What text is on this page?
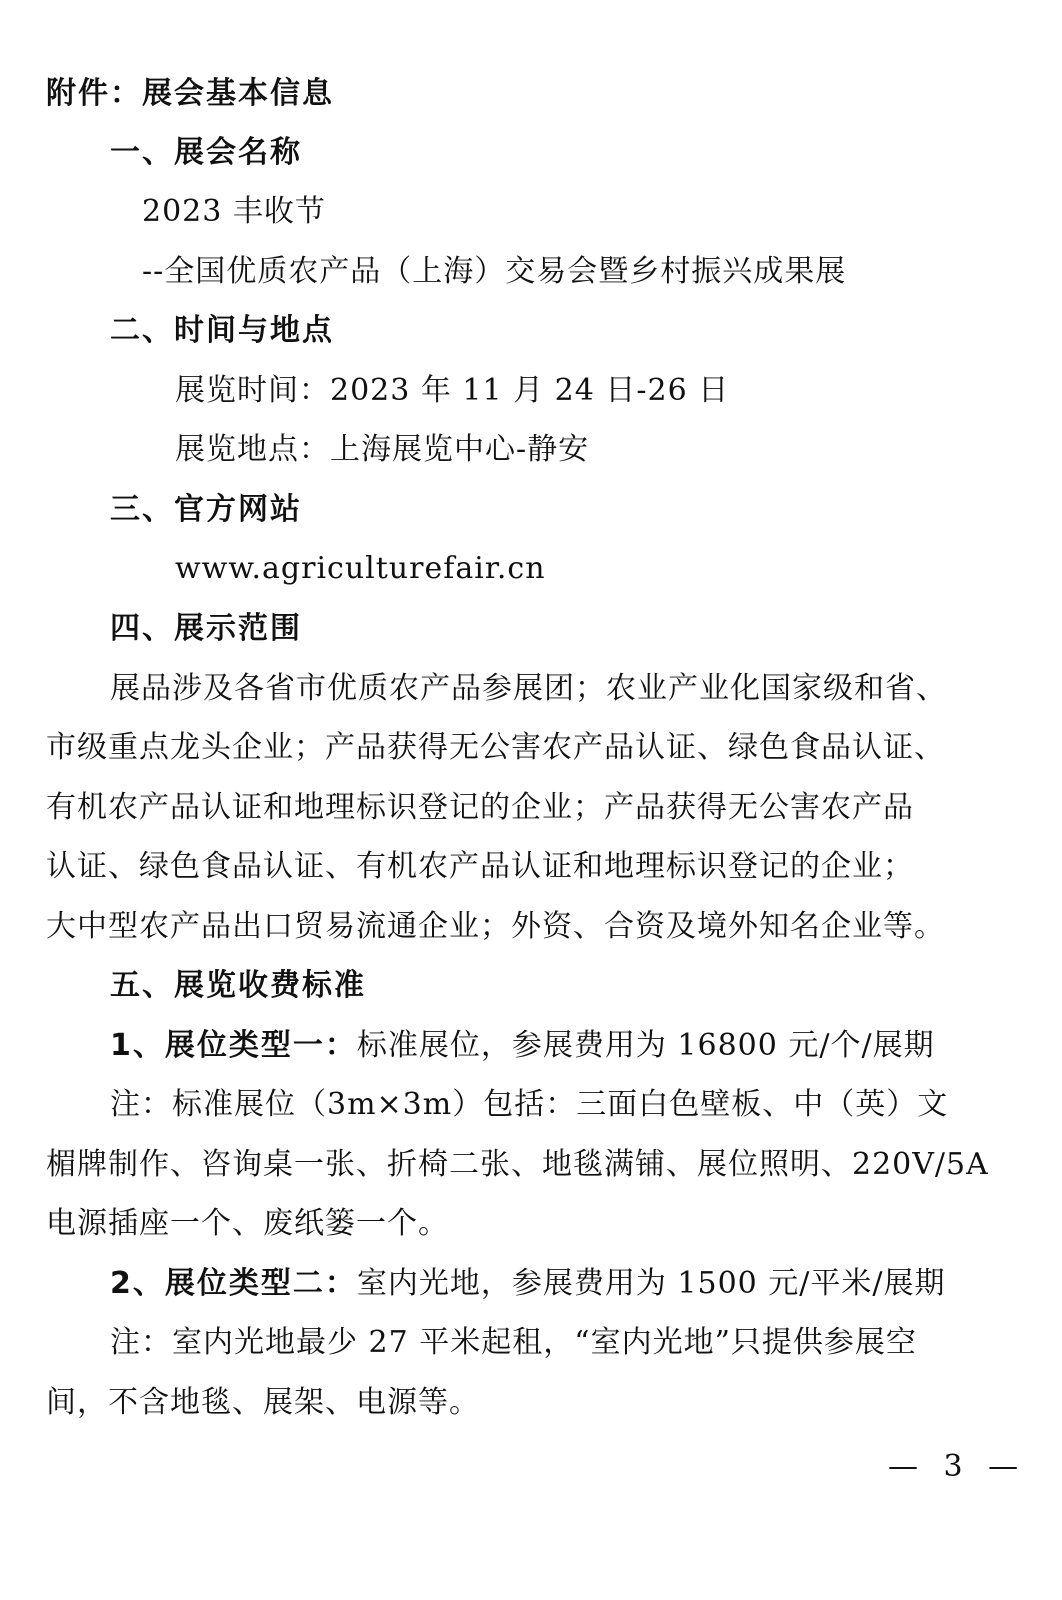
附件：展会基本信息
一、展会名称
2023 丰收节
--全国优质农产品（上海）交易会暨乡村振兴成果展
二、时间与地点
展览时间：2023 年 11 月 24 日-26 日
展览地点：上海展览中心-静安
三、官方网站
www.agriculturefair.cn
四、展示范围
展品涉及各省市优质农产品参展团；农业产业化国家级和省、
市级重点龙头企业；产品获得无公害农产品认证、绿色食品认证、
有机农产品认证和地理标识登记的企业；产品获得无公害农产品
认证、绿色食品认证、有机农产品认证和地理标识登记的企业；
大中型农产品出口贸易流通企业；外资、合资及境外知名企业等。
五、展览收费标准
1、展位类型一：标准展位，参展费用为 16800 元/个/展期
注：标准展位（3m×3m）包括：三面白色壁板、中（英）文
楣牌制作、咨询桌一张、折椅二张、地毯满铺、展位照明、220V/5A
电源插座一个、废纸篓一个。
2、展位类型二：室内光地，参展费用为 1500 元/平米/展期
注：室内光地最少 27 平米起租，“室内光地”只提供参展空
间，不含地毯、展架、电源等。
— 3 —
